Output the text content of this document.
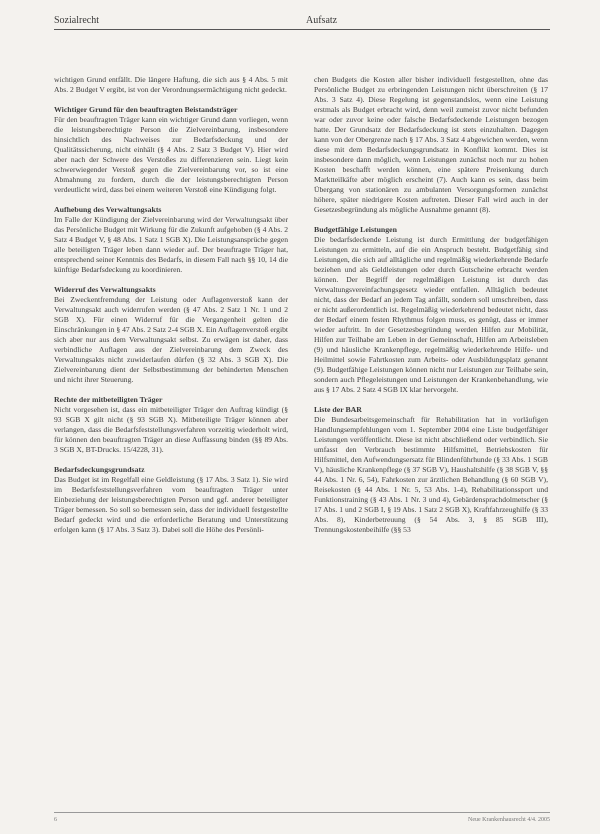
Sozialrecht	Aufsatz

wichtigen Grund entfällt. Die längere Haftung, die sich aus § 4 Abs. 5 mit Abs. 2 Budget V ergibt, ist von der Verordnungsermächtigung nicht gedeckt.

Wichtiger Grund für den beauftragten Beistandsträger

Für den beauftragten Träger kann ein wichtiger Grund dann vorliegen, wenn die leistungsberechtigte Person die Zielvereinbarung, insbesondere hinsichtlich des Nachweises zur Bedarfsdeckung und der Qualitätssicherung, nicht einhält (§ 4 Abs. 2 Satz 3 Budget V). Hier wird aber nach der Schwere des Verstoßes zu differenzieren sein. Liegt kein schwerwiegender Verstoß gegen die Zielvereinbarung vor, so ist eine Abmahnung zu fordern, durch die der leistungsberechtigten Person verdeutlicht wird, dass bei einem weiteren Verstoß eine Kündigung folgt.

Aufhebung des Verwaltungsakts

Im Falle der Kündigung der Zielvereinbarung wird der Verwaltungsakt über das Persönliche Budget mit Wirkung für die Zukunft aufgehoben (§ 4 Abs. 2 Satz 4 Budget V, § 48 Abs. 1 Satz 1 SGB X). Die Leistungsansprüche gegen alle beteiligten Träger leben dann wieder auf. Der beauftragte Träger hat, entsprechend seiner Kenntnis des Bedarfs, in diesem Fall nach §§ 10, 14 die künftige Bedarfsdeckung zu koordinieren.

Widerruf des Verwaltungsakts

Bei Zweckentfremdung der Leistung oder Auflagenverstoß kann der Verwaltungsakt auch widerrufen werden (§ 47 Abs. 2 Satz 1 Nr. 1 und 2 SGB X). Für einen Widerruf für die Vergangenheit gelten die Einschränkungen in § 47 Abs. 2 Satz 2-4 SGB X. Ein Auflagenverstoß ergibt sich aber nur aus dem Verwaltungsakt selbst. Zu erwägen ist daher, dass verbindliche Auflagen aus der Zielvereinbarung dem Zweck des Verwaltungsakts nicht zuwiderlaufen dürfen (§ 32 Abs. 3 SGB X). Die Zielvereinbarung dient der Selbstbestimmung der behinderten Menschen und nicht ihrer Steuerung.

Rechte der mitbeteiligten Träger

Nicht vorgesehen ist, dass ein mitbeteiligter Träger den Auftrag kündigt (§ 93 SGB X gilt nicht (§ 93 SGB X). Mitbeteiligte Träger können aber verlangen, dass die Bedarfsfeststellungsverfahren vorzeitig wiederholt wird, für können den beauftragten Träger an diese Auffassung binden (§§ 89 Abs. 3 SGB X, BT-Drucks. 15/4228, 31).

Bedarfsdeckungsgrundsatz

Das Budget ist im Regelfall eine Geldleistung (§ 17 Abs. 3 Satz 1). Sie wird im Bedarfsfeststellungsverfahren vom beauftragten Träger unter Einbeziehung der leistungsberechtigten Person und ggf. anderer beteiligter Träger bemessen. So soll so bemessen sein, dass der individuell festgestellte Bedarf gedeckt wird und die erforderliche Beratung und Unterstützung erfolgen kann (§ 17 Abs. 3 Satz 3). Dabei soll die Höhe des Persönli-

chen Budgets die Kosten aller bisher individuell festgestellten, ohne das Persönliche Budget zu erbringenden Leistungen nicht überschreiten (§ 17 Abs. 3 Satz 4). Diese Regelung ist gegenstandslos, wenn eine Leistung erstmals als Budget erbracht wird, denn weil zumeist zuvor nicht befunden war oder zuvor keine oder falsche Bedarfsdeckende Leistungen bezogen hatte. Der Grundsatz der Bedarfsdeckung ist stets einzuhalten. Dagegen kann von der Obergrenze nach § 17 Abs. 3 Satz 4 abgewichen werden, wenn diese mit dem Bedarfsdeckungsgrundsatz in Konflikt kommt. Dies ist insbesondere dann möglich, wenn Leistungen zunächst noch nur zu hohen Kosten beschafft werden können, eine spätere Preisenkung durch Marktteilkäfte aber möglich erscheint (7). Auch kann es sein, dass beim Übergang von stationären zu ambulanten Versorgungsformen zunächst höhere, später niedrigere Kosten auftreten. Dieser Fall wird auch in der Gesetzesbegründung als mögliche Ausnahme genannt (8).

Budgetfähige Leistungen

Die bedarfsdeckende Leistung ist durch Ermittlung der budgetfähigen Leistungen zu ermitteln, auf die ein Anspruch besteht. Budgetfähig sind Leistungen, die sich auf alltägliche und regelmäßig wiederkehrende Bedarfe beziehen und als Geldleistungen oder durch Gutscheine erbracht werden können. Der Begriff der regelmäßigen Leistung ist durch das Verwaltungsvereinfachungsgesetz wieder entfallen. Alltäglich bedeutet nicht, dass der Bedarf an jedem Tag anfällt, sondern soll umschreiben, dass er nicht außerordentlich ist. Regelmäßig wiederkehrend bedeutet nicht, dass der Bedarf einem festen Rhythmus folgen muss, es genügt, dass er immer wieder auftritt. In der Gesetzesbegründung werden Hilfen zur Mobilität, Hilfen zur Teilhabe am Leben in der Gemeinschaft, Hilfen am Arbeitsleben (9) und häusliche Krankenpflege, regelmäßig wiederkehrende Hilfe- und Heilmittel sowie Fahrtkosten zum Arbeits- oder Ausbildungsplatz genannt (9). Budgetfähige Leistungen können nicht nur Leistungen zur Teilhabe sein, sondern auch Pflegeleistungen und Leistungen der Krankenbehandlung, wie aus § 17 Abs. 2 Satz 4 SGB IX klar hervorgeht.

Liste der BAR

Die Bundesarbeitsgemeinschaft für Rehabilitation hat in vorläufigen Handlungsempfehlungen vom 1. September 2004 eine Liste budgetfähiger Leistungen veröffentlicht. Diese ist nicht abschließend oder verbindlich. Sie umfasst den Verbrauch bestimmte Hilfsmittel, Betriebskosten für Hilfsmittel, den Aufwendungsersatz für Blindenführhunde (§ 33 Abs. 1 SGB V), häusliche Krankenpflege (§ 37 SGB V), Haushaltshilfe (§ 38 SGB V, §§ 44 Abs. 1 Nr. 6, 54), Fahrkosten zur ärztlichen Behandlung (§ 60 SGB V), Reisekosten (§ 44 Abs. 1 Nr. 5, 53 Abs. 1-4), Rehabilitationssport und Funktionstraining (§ 43 Abs. 1 Nr. 3 und 4), Gebärdensprachdolmetscher (§ 17 Abs. 1 und 2 SGB I, § 19 Abs. 1 Satz 2 SGB X), Kraftfahrzeughilfe (§ 33 Abs. 8), Kinderbetreuung (§ 54 Abs. 3, § 85 SGB III), Trennungskostenbeihilfe (§§ 53

6	Neue Krankenhausrecht 4/4. 2005
